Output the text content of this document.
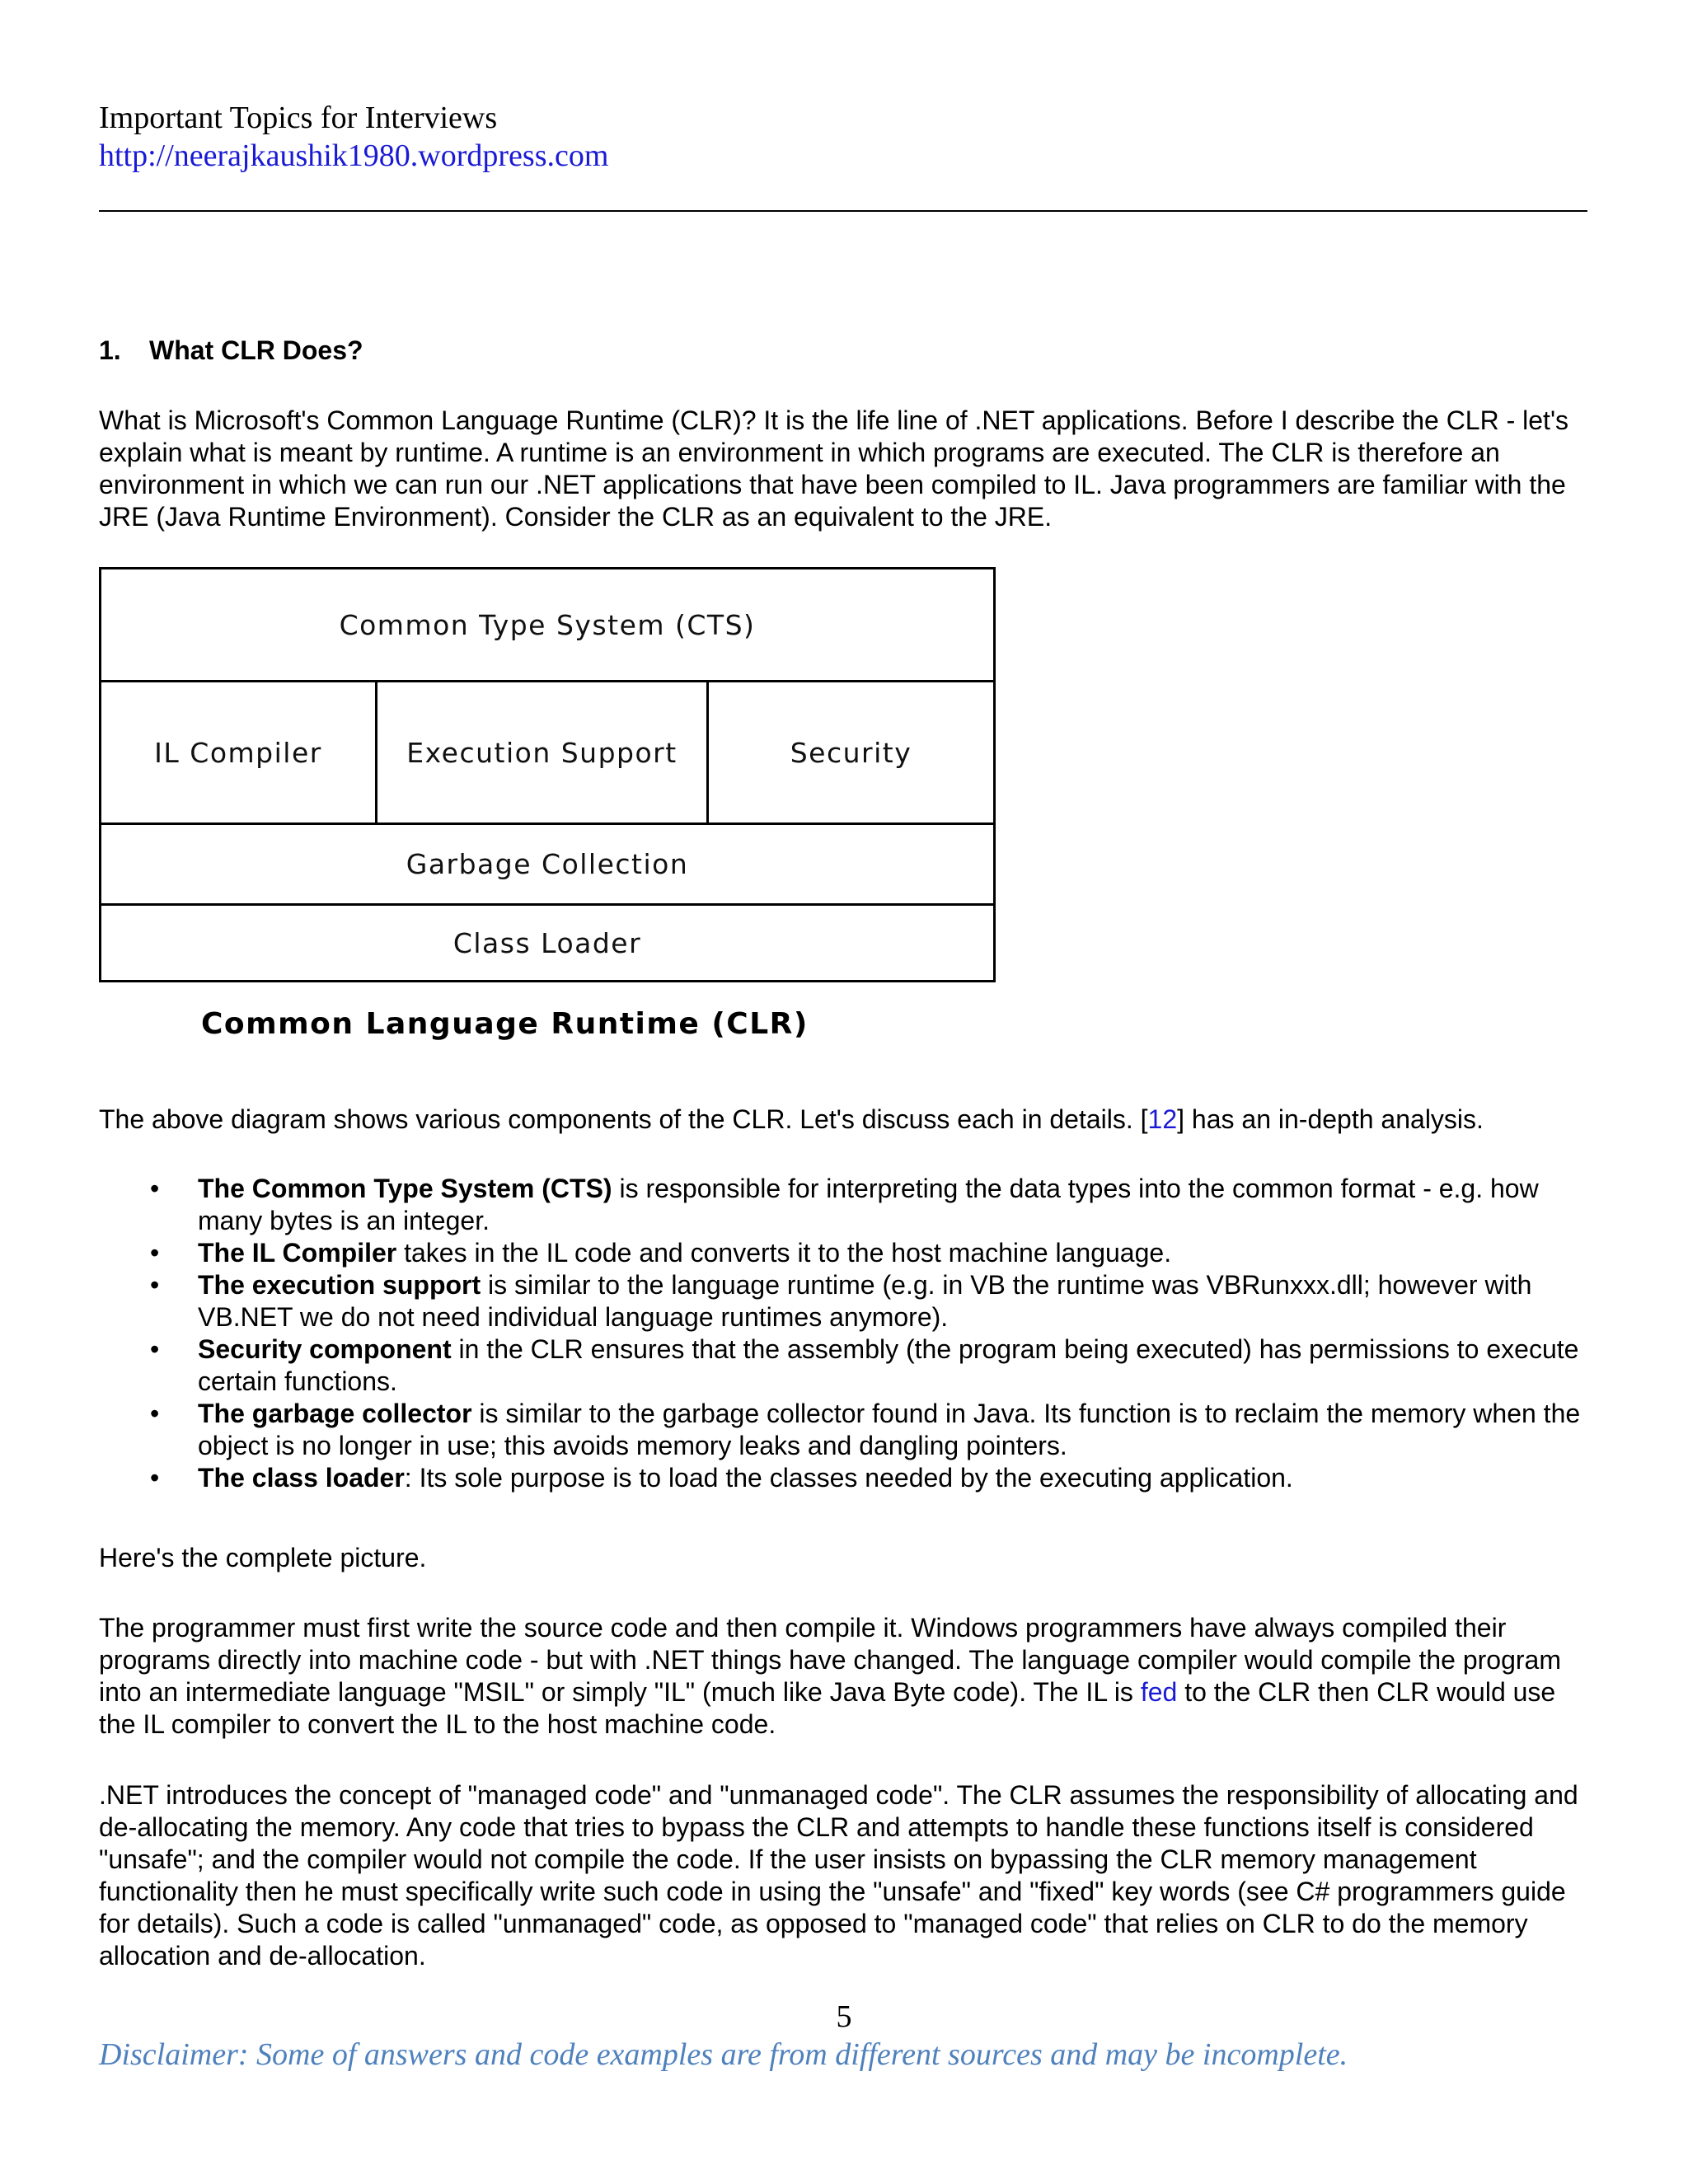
Important Topics for Interviews
http://neerajkaushik1980.wordpress.com
1. What CLR Does?

What is Microsoft's Common Language Runtime (CLR)? It is the life line of .NET applications. Before I describe the CLR - let's explain what is meant by runtime. A runtime is an environment in which programs are executed. The CLR is therefore an environment in which we can run our .NET applications that have been compiled to IL. Java programmers are familiar with the JRE (Java Runtime Environment). Consider the CLR as an equivalent to the JRE.

Common Type System (CTS)
IL Compiler	Execution Support	Security
Garbage Collection
Class Loader
Common Language Runtime (CLR)

The above diagram shows various components of the CLR. Let's discuss each in details. [12] has an in-depth analysis.

• The Common Type System (CTS) is responsible for interpreting the data types into the common format - e.g. how many bytes is an integer.
• The IL Compiler takes in the IL code and converts it to the host machine language.
• The execution support is similar to the language runtime (e.g. in VB the runtime was VBRunxxx.dll; however with VB.NET we do not need individual language runtimes anymore).
• Security component in the CLR ensures that the assembly (the program being executed) has permissions to execute certain functions.
• The garbage collector is similar to the garbage collector found in Java. Its function is to reclaim the memory when the object is no longer in use; this avoids memory leaks and dangling pointers.
• The class loader: Its sole purpose is to load the classes needed by the executing application.

Here's the complete picture.

The programmer must first write the source code and then compile it. Windows programmers have always compiled their programs directly into machine code - but with .NET things have changed. The language compiler would compile the program into an intermediate language "MSIL" or simply "IL" (much like Java Byte code). The IL is fed to the CLR then CLR would use the IL compiler to convert the IL to the host machine code.

.NET introduces the concept of "managed code" and "unmanaged code". The CLR assumes the responsibility of allocating and de-allocating the memory. Any code that tries to bypass the CLR and attempts to handle these functions itself is considered "unsafe"; and the compiler would not compile the code. If the user insists on bypassing the CLR memory management functionality then he must specifically write such code in using the "unsafe" and "fixed" key words (see C# programmers guide for details). Such a code is called "unmanaged" code, as opposed to "managed code" that relies on CLR to do the memory allocation and de-allocation.

5
Disclaimer: Some of answers and code examples are from different sources and may be incomplete.
